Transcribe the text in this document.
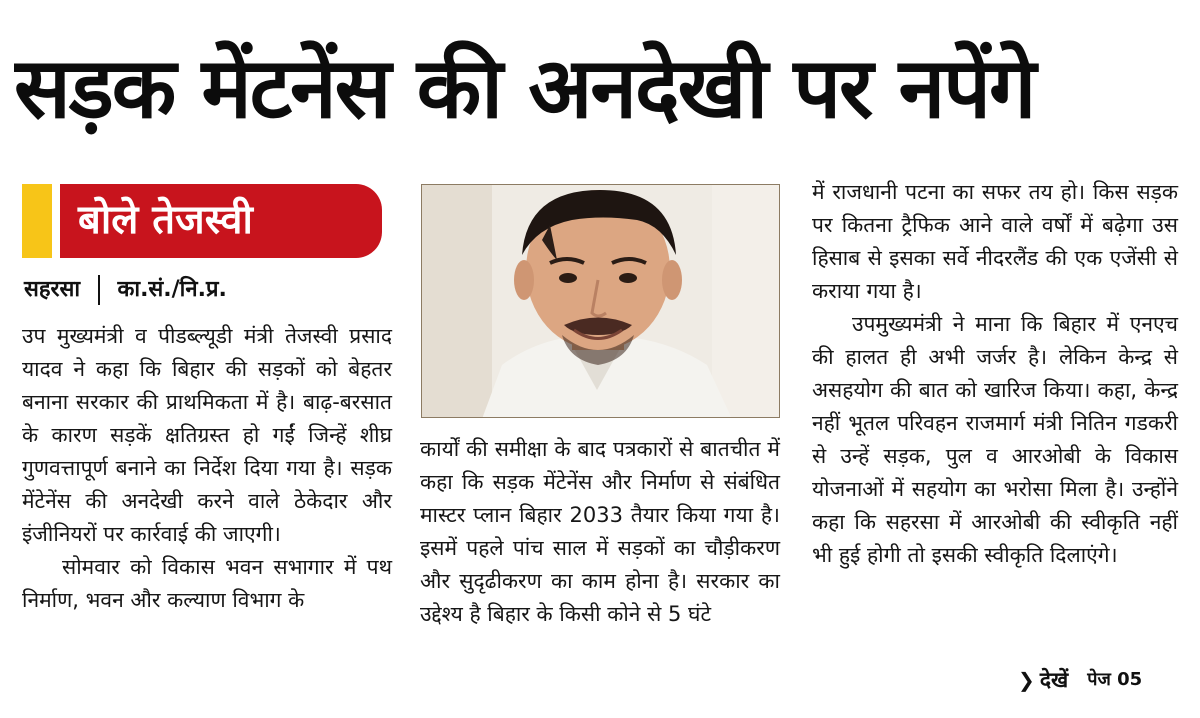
सड़क मेंटनेंस की अनदेखी पर नपेंगे
बोले तेजस्वी
सहरसा का.सं./नि.प्र.

उप मुख्यमंत्री व पीडब्ल्यूडी मंत्री तेजस्वी प्रसाद यादव ने कहा कि बिहार की सड़कों को बेहतर बनाना सरकार की प्राथमिकता में है। बाढ़-बरसात के कारण सड़कें क्षतिग्रस्त हो गईं जिन्हें शीघ्र गुणवत्तापूर्ण बनाने का निर्देश दिया गया है। सड़क मेंटेनेंस की अनदेखी करने वाले ठेकेदार और इंजीनियरों पर कार्रवाई की जाएगी।

सोमवार को विकास भवन सभागार में पथ निर्माण, भवन और कल्याण विभाग के

कार्यों की समीक्षा के बाद पत्रकारों से बातचीत में कहा कि सड़क मेंटेनेंस और निर्माण से संबंधित मास्टर प्लान बिहार 2033 तैयार किया गया है। इसमें पहले पांच साल में सड़कों का चौड़ीकरण और सुदृढीकरण का काम होना है। सरकार का उद्देश्य है बिहार के किसी कोने से 5 घंटे

में राजधानी पटना का सफर तय हो। किस सड़क पर कितना ट्रैफिक आने वाले वर्षों में बढ़ेगा उस हिसाब से इसका सर्वे नीदरलैंड की एक एजेंसी से कराया गया है।

उपमुख्यमंत्री ने माना कि बिहार में एनएच की हालत ही अभी जर्जर है। लेकिन केन्द्र से असहयोग की बात को खारिज किया। कहा, केन्द्र नहीं भूतल परिवहन राजमार्ग मंत्री नितिन गडकरी से उन्हें सड़क, पुल व आरओबी के विकास योजनाओं में सहयोग का भरोसा मिला है। उन्होंने कहा कि सहरसा में आरओबी की स्वीकृति नहीं भी हुई होगी तो इसकी स्वीकृति दिलाएंगे।

❯ देखें पेज 05
